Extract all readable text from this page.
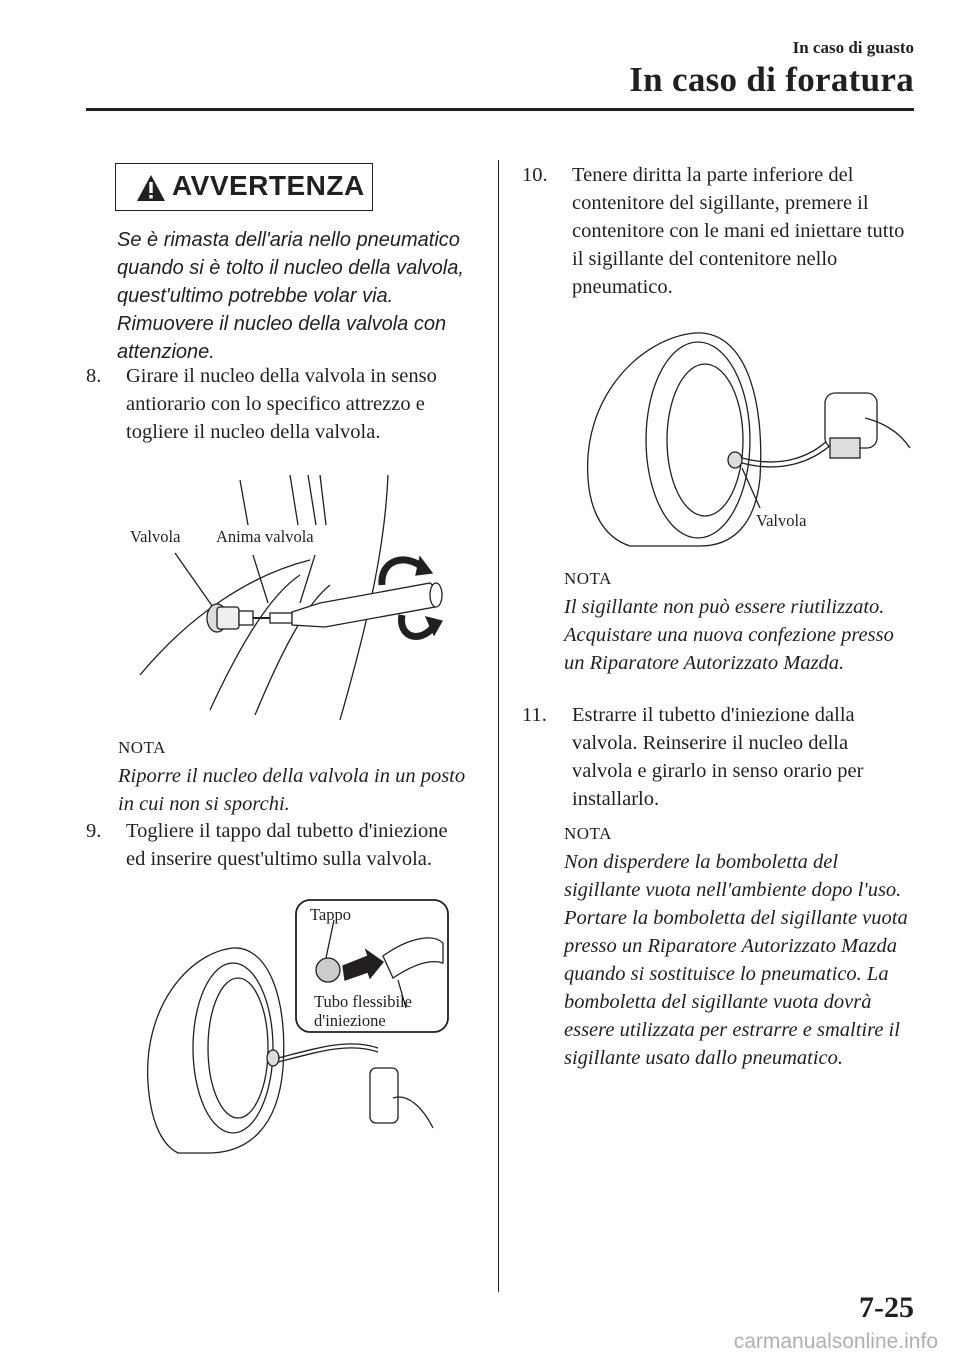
In caso di guasto
In caso di foratura
AVVERTENZA
Se è rimasta dell'aria nello pneumatico quando si è tolto il nucleo della valvola, quest'ultimo potrebbe volar via. Rimuovere il nucleo della valvola con attenzione.
8. Girare il nucleo della valvola in senso antiorario con lo specifico attrezzo e togliere il nucleo della valvola.
Valvola Anima valvola
NOTA
Riporre il nucleo della valvola in un posto in cui non si sporchi.
9. Togliere il tappo dal tubetto d'iniezione ed inserire quest'ultimo sulla valvola.
Tappo
Tubo flessibile
d'iniezione
10. Tenere diritta la parte inferiore del contenitore del sigillante, premere il contenitore con le mani ed iniettare tutto il sigillante del contenitore nello pneumatico.
Valvola
NOTA
Il sigillante non può essere riutilizzato. Acquistare una nuova confezione presso un Riparatore Autorizzato Mazda.
11. Estrarre il tubetto d'iniezione dalla valvola. Reinserire il nucleo della valvola e girarlo in senso orario per installarlo.
NOTA
Non disperdere la bomboletta del sigillante vuota nell'ambiente dopo l'uso. Portare la bomboletta del sigillante vuota presso un Riparatore Autorizzato Mazda quando si sostituisce lo pneumatico. La bomboletta del sigillante vuota dovrà essere utilizzata per estrarre e smaltire il sigillante usato dallo pneumatico.
7-25
carmanualsonline.info
